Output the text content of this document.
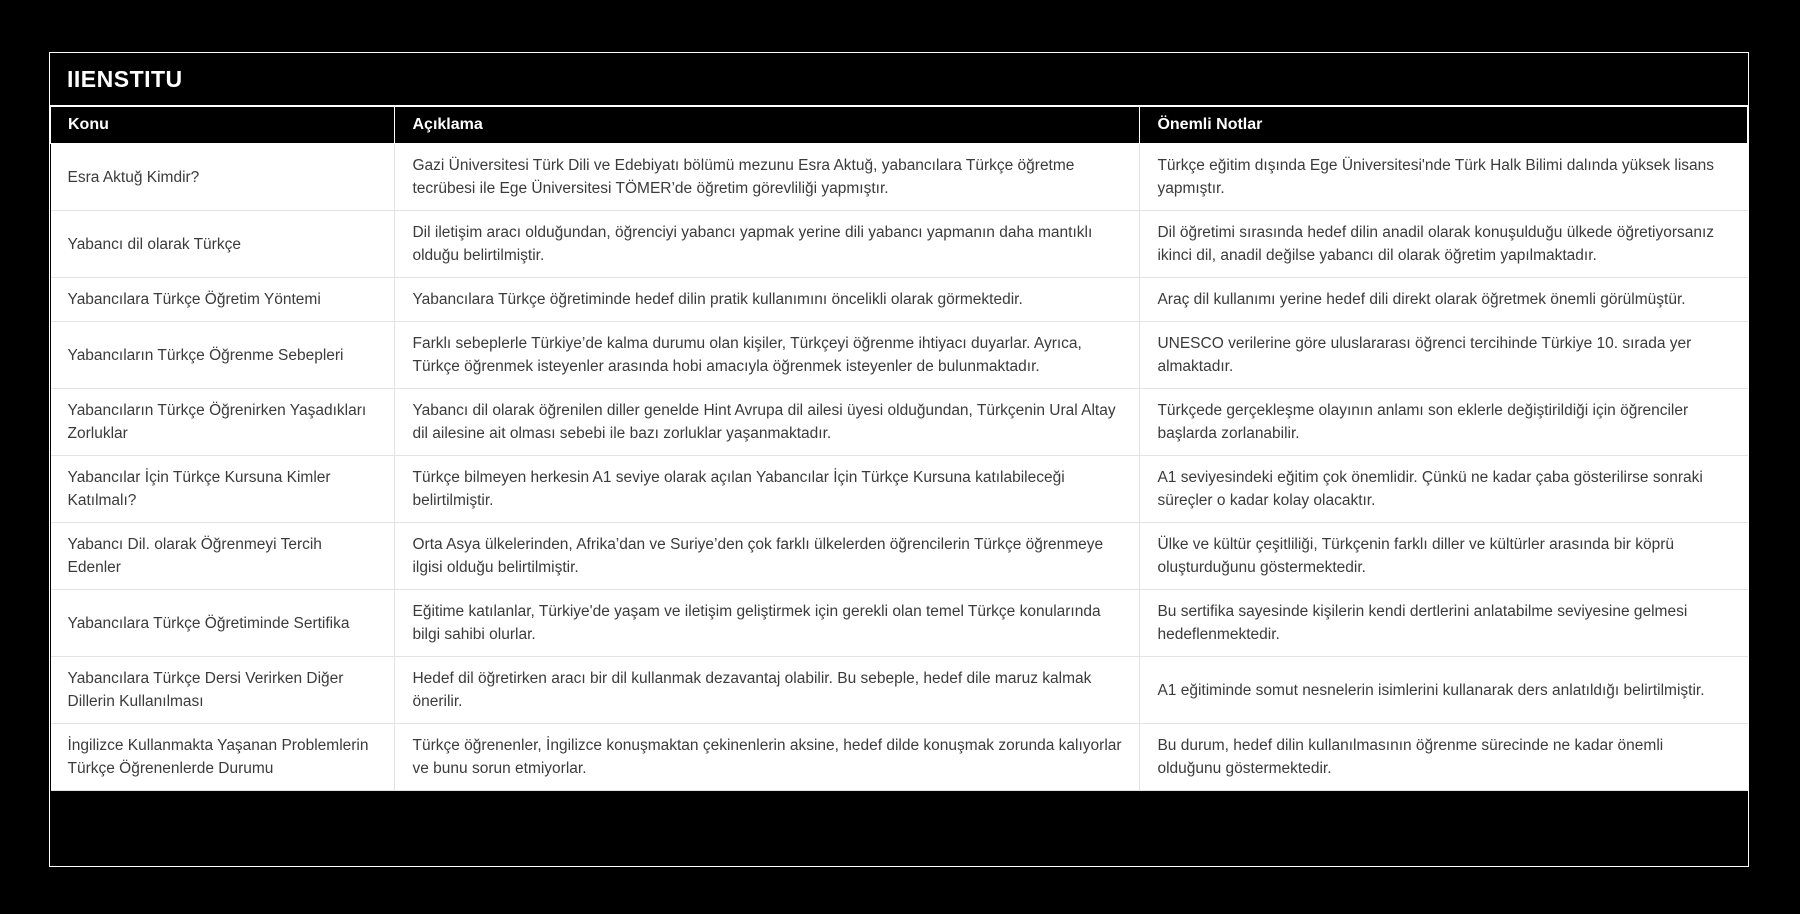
IIENSTITU
Konu	Açıklama	Önemli Notlar
Esra Aktuğ Kimdir?	Gazi Üniversitesi Türk Dili ve Edebiyatı bölümü mezunu Esra Aktuğ, yabancılara Türkçe öğretme tecrübesi ile Ege Üniversitesi TÖMER’de öğretim görevliliği yapmıştır.	Türkçe eğitim dışında Ege Üniversitesi'nde Türk Halk Bilimi dalında yüksek lisans yapmıştır.
Yabancı dil olarak Türkçe	Dil iletişim aracı olduğundan, öğrenciyi yabancı yapmak yerine dili yabancı yapmanın daha mantıklı olduğu belirtilmiştir.	Dil öğretimi sırasında hedef dilin anadil olarak konuşulduğu ülkede öğretiyorsanız ikinci dil, anadil değilse yabancı dil olarak öğretim yapılmaktadır.
Yabancılara Türkçe Öğretim Yöntemi	Yabancılara Türkçe öğretiminde hedef dilin pratik kullanımını öncelikli olarak görmektedir.	Araç dil kullanımı yerine hedef dili direkt olarak öğretmek önemli görülmüştür.
Yabancıların Türkçe Öğrenme Sebepleri	Farklı sebeplerle Türkiye’de kalma durumu olan kişiler, Türkçeyi öğrenme ihtiyacı duyarlar. Ayrıca, Türkçe öğrenmek isteyenler arasında hobi amacıyla öğrenmek isteyenler de bulunmaktadır.	UNESCO verilerine göre uluslararası öğrenci tercihinde Türkiye 10. sırada yer almaktadır.
Yabancıların Türkçe Öğrenirken Yaşadıkları Zorluklar	Yabancı dil olarak öğrenilen diller genelde Hint Avrupa dil ailesi üyesi olduğundan, Türkçenin Ural Altay dil ailesine ait olması sebebi ile bazı zorluklar yaşanmaktadır.	Türkçede gerçekleşme olayının anlamı son eklerle değiştirildiği için öğrenciler başlarda zorlanabilir.
Yabancılar İçin Türkçe Kursuna Kimler Katılmalı?	Türkçe bilmeyen herkesin A1 seviye olarak açılan Yabancılar İçin Türkçe Kursuna katılabileceği belirtilmiştir.	A1 seviyesindeki eğitim çok önemlidir. Çünkü ne kadar çaba gösterilirse sonraki süreçler o kadar kolay olacaktır.
Yabancı Dil. olarak Öğrenmeyi Tercih Edenler	Orta Asya ülkelerinden, Afrika’dan ve Suriye’den çok farklı ülkelerden öğrencilerin Türkçe öğrenmeye ilgisi olduğu belirtilmiştir.	Ülke ve kültür çeşitliliği, Türkçenin farklı diller ve kültürler arasında bir köprü oluşturduğunu göstermektedir.
Yabancılara Türkçe Öğretiminde Sertifika	Eğitime katılanlar, Türkiye'de yaşam ve iletişim geliştirmek için gerekli olan temel Türkçe konularında bilgi sahibi olurlar.	Bu sertifika sayesinde kişilerin kendi dertlerini anlatabilme seviyesine gelmesi hedeflenmektedir.
Yabancılara Türkçe Dersi Verirken Diğer Dillerin Kullanılması	Hedef dil öğretirken aracı bir dil kullanmak dezavantaj olabilir. Bu sebeple, hedef dile maruz kalmak önerilir.	A1 eğitiminde somut nesnelerin isimlerini kullanarak ders anlatıldığı belirtilmiştir.
İngilizce Kullanmakta Yaşanan Problemlerin Türkçe Öğrenenlerde Durumu	Türkçe öğrenenler, İngilizce konuşmaktan çekinenlerin aksine, hedef dilde konuşmak zorunda kalıyorlar ve bunu sorun etmiyorlar.	Bu durum, hedef dilin kullanılmasının öğrenme sürecinde ne kadar önemli olduğunu göstermektedir.
